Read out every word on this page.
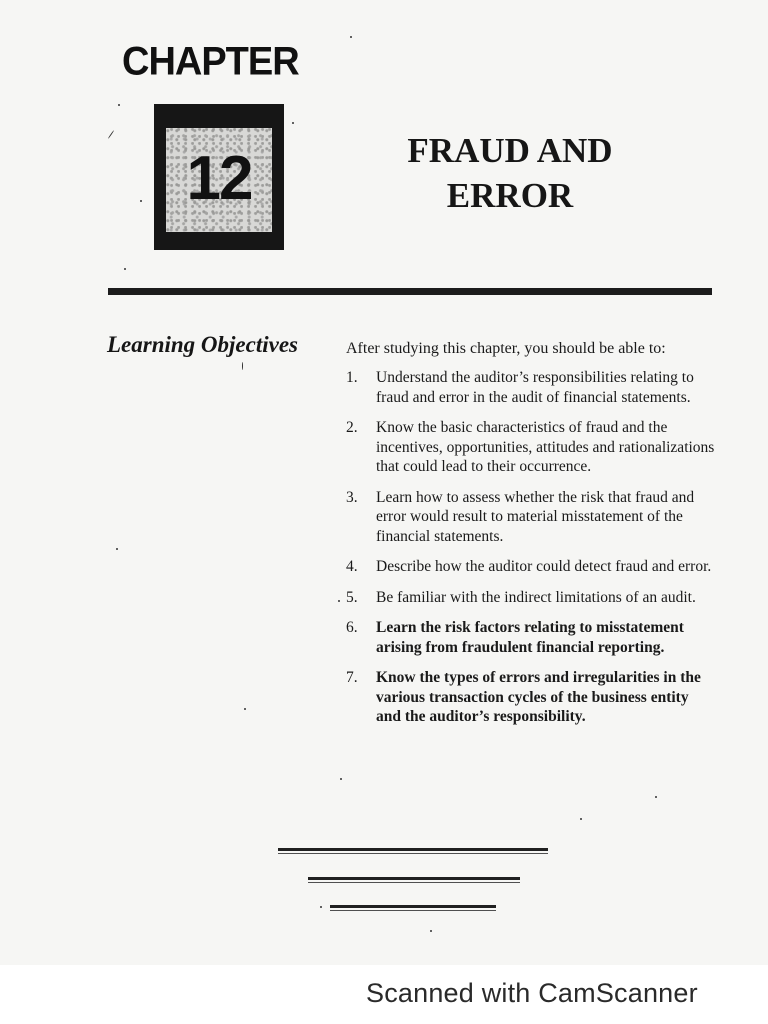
CHAPTER
12	FRAUD AND
ERROR
Learning Objectives	After studying this chapter, you should be able to:
1.	Understand the auditor’s responsibilities relating to fraud and error in the audit of financial statements.
2.	Know the basic characteristics of fraud and the incentives, opportunities, attitudes and rationalizations that could lead to their occurrence.
3.	Learn how to assess whether the risk that fraud and error would result to material misstatement of the financial statements.
4.	Describe how the auditor could detect fraud and error.
5.	Be familiar with the indirect limitations of an audit.
6.	Learn the risk factors relating to misstatement arising from fraudulent financial reporting.
7.	Know the types of errors and irregularities in the various transaction cycles of the business entity and the auditor’s responsibility.
Scanned with CamScanner
